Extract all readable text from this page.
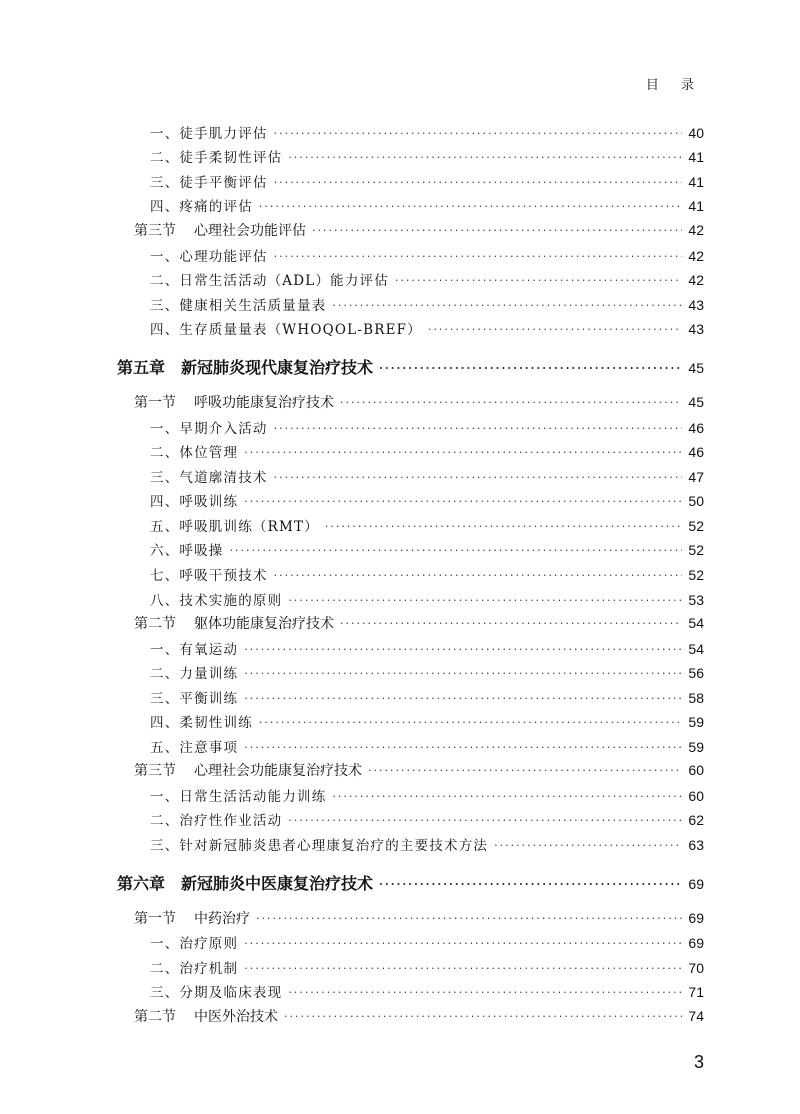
目 录
一、徒手肌力评估 ·····	40
二、徒手柔韧性评估 ·····	41
三、徒手平衡评估 ·····	41
四、疼痛的评估 ·····	41
第三节 心理社会功能评估 ·····	42
一、心理功能评估 ·····	42
二、日常生活活动（ADL）能力评估 ·····	42
三、健康相关生活质量量表 ·····	43
四、生存质量量表（WHOQOL-BREF） ·····	43
第五章 新冠肺炎现代康复治疗技术 ·····	45
第一节 呼吸功能康复治疗技术 ·····	45
一、早期介入活动 ·····	46
二、体位管理 ·····	46
三、气道廓清技术 ·····	47
四、呼吸训练 ·····	50
五、呼吸肌训练（RMT） ·····	52
六、呼吸操 ·····	52
七、呼吸干预技术 ·····	52
八、技术实施的原则 ·····	53
第二节 躯体功能康复治疗技术 ·····	54
一、有氧运动 ·····	54
二、力量训练 ·····	56
三、平衡训练 ·····	58
四、柔韧性训练 ·····	59
五、注意事项 ·····	59
第三节 心理社会功能康复治疗技术 ·····	60
一、日常生活活动能力训练 ·····	60
二、治疗性作业活动 ·····	62
三、针对新冠肺炎患者心理康复治疗的主要技术方法 ·····	63
第六章 新冠肺炎中医康复治疗技术 ·····	69
第一节 中药治疗 ·····	69
一、治疗原则 ·····	69
二、治疗机制 ·····	70
三、分期及临床表现 ·····	71
第二节 中医外治技术 ·····	74
3
